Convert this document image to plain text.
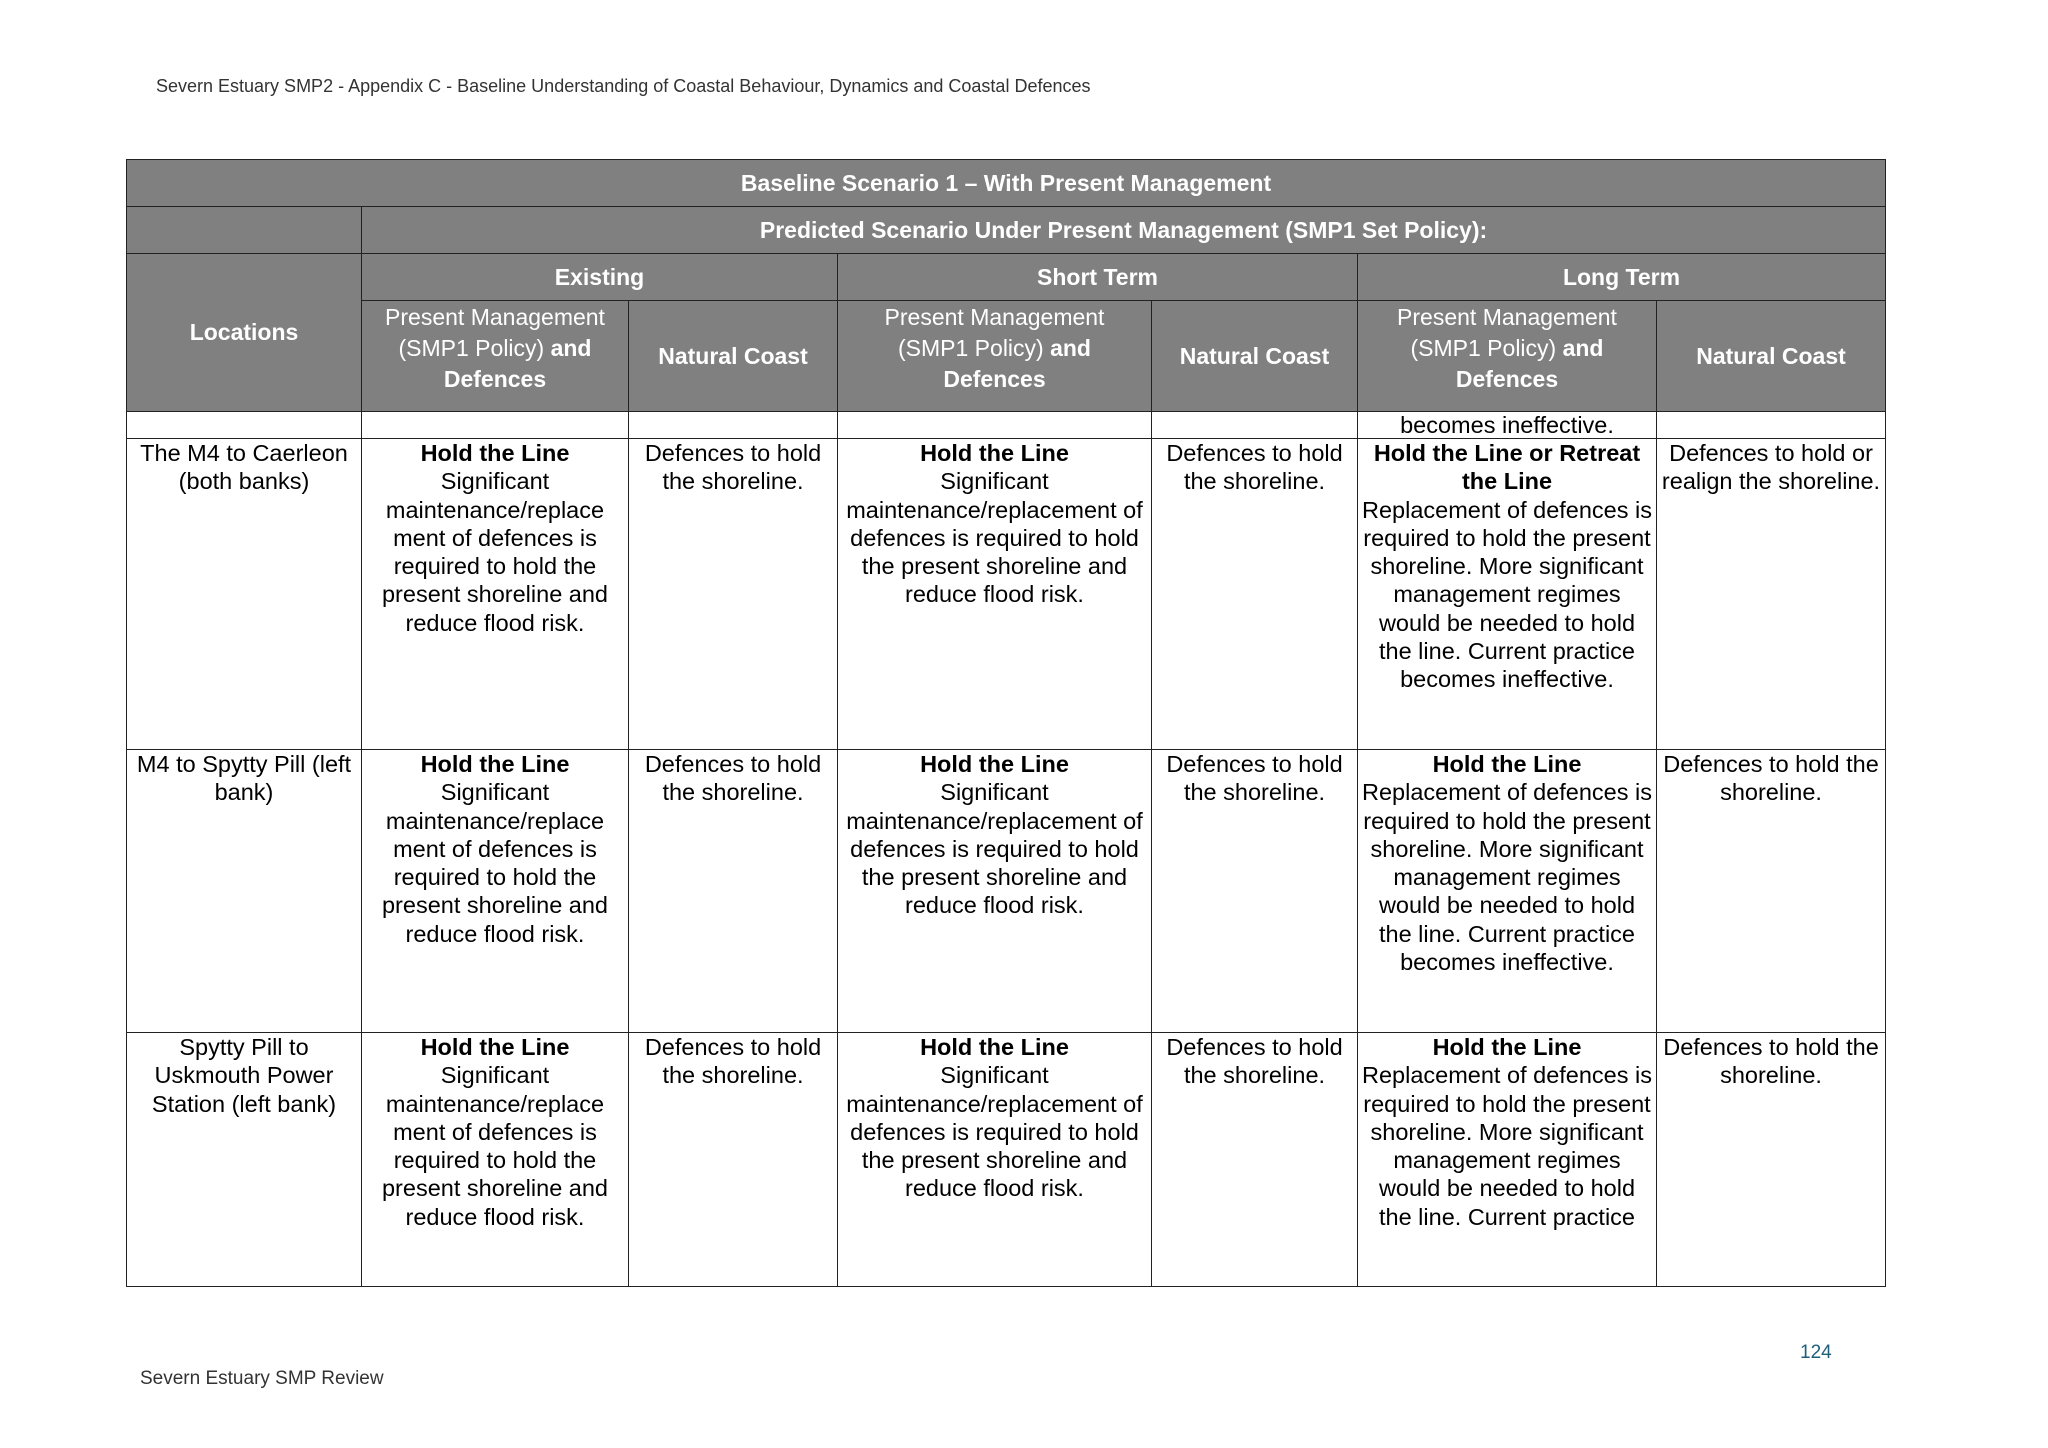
Severn Estuary SMP2 - Appendix C - Baseline Understanding of Coastal Behaviour, Dynamics and Coastal Defences
Baseline Scenario 1 – With Present Management						
	Predicted Scenario Under Present Management (SMP1 Set Policy):					
Locations	Existing		Short Term		Long Term	
	Present Management
(SMP1 Policy) and
Defences	Natural Coast	Present Management
(SMP1 Policy) and
Defences	Natural Coast	Present Management
(SMP1 Policy) and
Defences	Natural Coast
					becomes ineffective.	
The M4 to Caerleon (both banks)	Hold the Line
Significant maintenance/replace ment of defences is required to hold the present shoreline and reduce flood risk.	Defences to hold the shoreline.	Hold the Line
Significant maintenance/replacement of defences is required to hold the present shoreline and reduce flood risk.	Defences to hold the shoreline.	Hold the Line or Retreat the Line
Replacement of defences is required to hold the present shoreline. More significant management regimes would be needed to hold the line. Current practice becomes ineffective.	Defences to hold or realign the shoreline.
M4 to Spytty Pill (left bank)	Hold the Line
Significant maintenance/replace ment of defences is required to hold the present shoreline and reduce flood risk.	Defences to hold the shoreline.	Hold the Line
Significant maintenance/replacement of defences is required to hold the present shoreline and reduce flood risk.	Defences to hold the shoreline.	Hold the Line
Replacement of defences is required to hold the present shoreline. More significant management regimes would be needed to hold the line. Current practice becomes ineffective.	Defences to hold the shoreline.
Spytty Pill to Uskmouth Power Station (left bank)	Hold the Line
Significant maintenance/replace ment of defences is required to hold the present shoreline and reduce flood risk.	Defences to hold the shoreline.	Hold the Line
Significant maintenance/replacement of defences is required to hold the present shoreline and reduce flood risk.	Defences to hold the shoreline.	Hold the Line
Replacement of defences is required to hold the present shoreline. More significant management regimes would be needed to hold the line. Current practice	Defences to hold the shoreline.
124
Severn Estuary SMP Review
